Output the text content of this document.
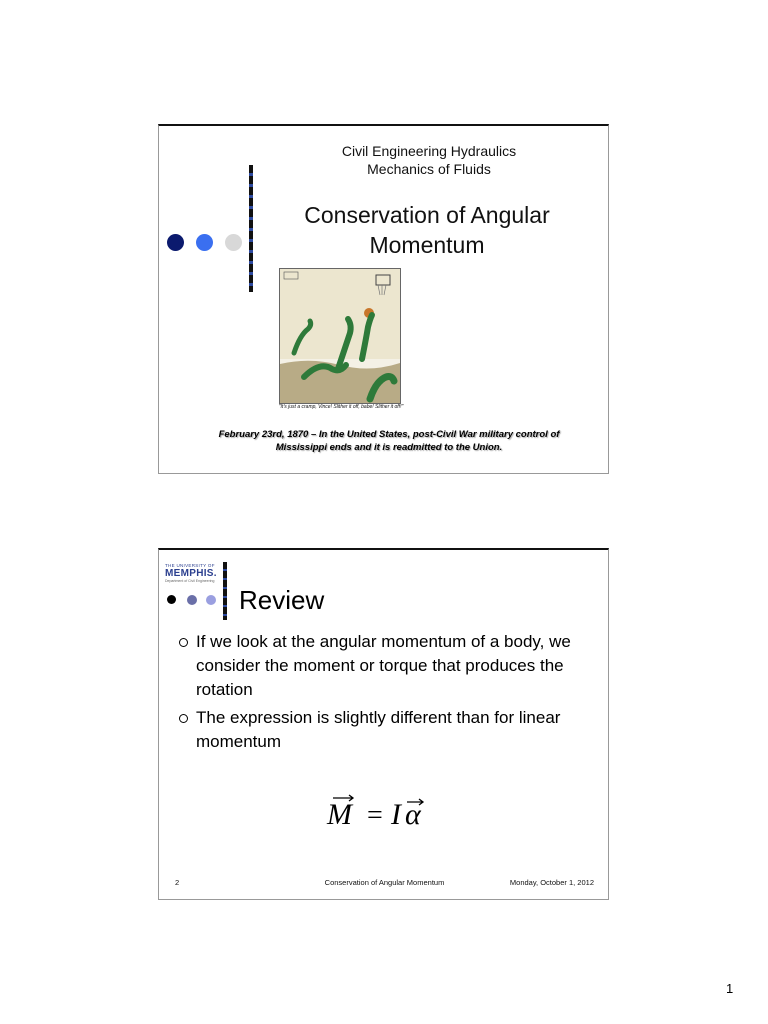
Civil Engineering Hydraulics
Mechanics of Fluids
Conservation of Angular
Momentum
"It's just a cramp, Vince! Slither it off, babe! Slither it off!"
February 23rd, 1870 – In the United States, post-Civil War military control of
Mississippi ends and it is readmitted to the Union.
THE UNIVERSITY OF
MEMPHIS.
Department of Civil Engineering
Review
If we look at the angular momentum of a body, we consider the moment or torque that produces the rotation
The expression is slightly different than for linear momentum
M = I α
2	Conservation of Angular Momentum	Monday, October 1, 2012
1
